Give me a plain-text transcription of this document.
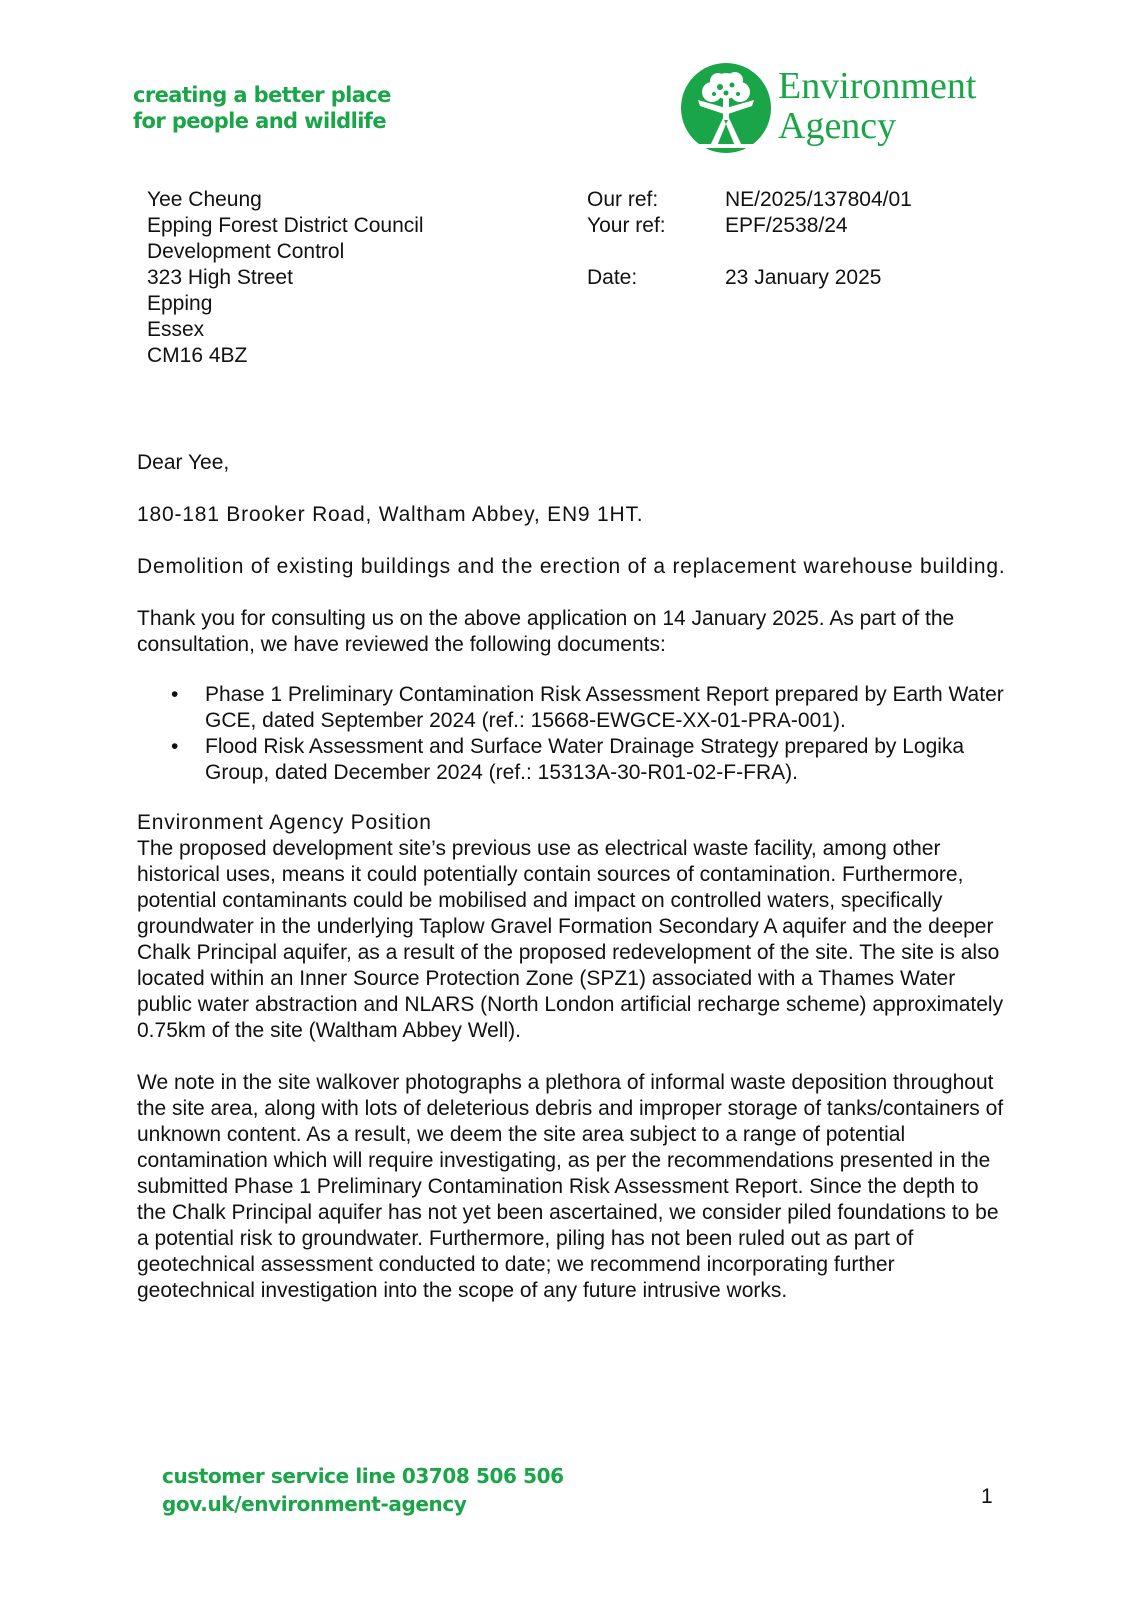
creating a better place
for people and wildlife
Environment
Agency
Yee Cheung
Epping Forest District Council
Development Control
323 High Street
Epping
Essex
CM16 4BZ
Our ref:	NE/2025/137804/01
Your ref:	EPF/2538/24

Date:	23 January 2025

Dear Yee,

180-181 Brooker Road, Waltham Abbey, EN9 1HT.

Demolition of existing buildings and the erection of a replacement warehouse building.

Thank you for consulting us on the above application on 14 January 2025. As part of the consultation, we have reviewed the following documents:

• Phase 1 Preliminary Contamination Risk Assessment Report prepared by Earth Water GCE, dated September 2024 (ref.: 15668-EWGCE-XX-01-PRA-001).
• Flood Risk Assessment and Surface Water Drainage Strategy prepared by Logika Group, dated December 2024 (ref.: 15313A-30-R01-02-F-FRA).

Environment Agency Position

The proposed development site’s previous use as electrical waste facility, among other historical uses, means it could potentially contain sources of contamination. Furthermore, potential contaminants could be mobilised and impact on controlled waters, specifically groundwater in the underlying Taplow Gravel Formation Secondary A aquifer and the deeper Chalk Principal aquifer, as a result of the proposed redevelopment of the site. The site is also located within an Inner Source Protection Zone (SPZ1) associated with a Thames Water public water abstraction and NLARS (North London artificial recharge scheme) approximately 0.75km of the site (Waltham Abbey Well).

We note in the site walkover photographs a plethora of informal waste deposition throughout the site area, along with lots of deleterious debris and improper storage of tanks/containers of unknown content. As a result, we deem the site area subject to a range of potential contamination which will require investigating, as per the recommendations presented in the submitted Phase 1 Preliminary Contamination Risk Assessment Report. Since the depth to the Chalk Principal aquifer has not yet been ascertained, we consider piled foundations to be a potential risk to groundwater. Furthermore, piling has not been ruled out as part of geotechnical assessment conducted to date; we recommend incorporating further geotechnical investigation into the scope of any future intrusive works.

customer service line 03708 506 506
gov.uk/environment-agency	1
